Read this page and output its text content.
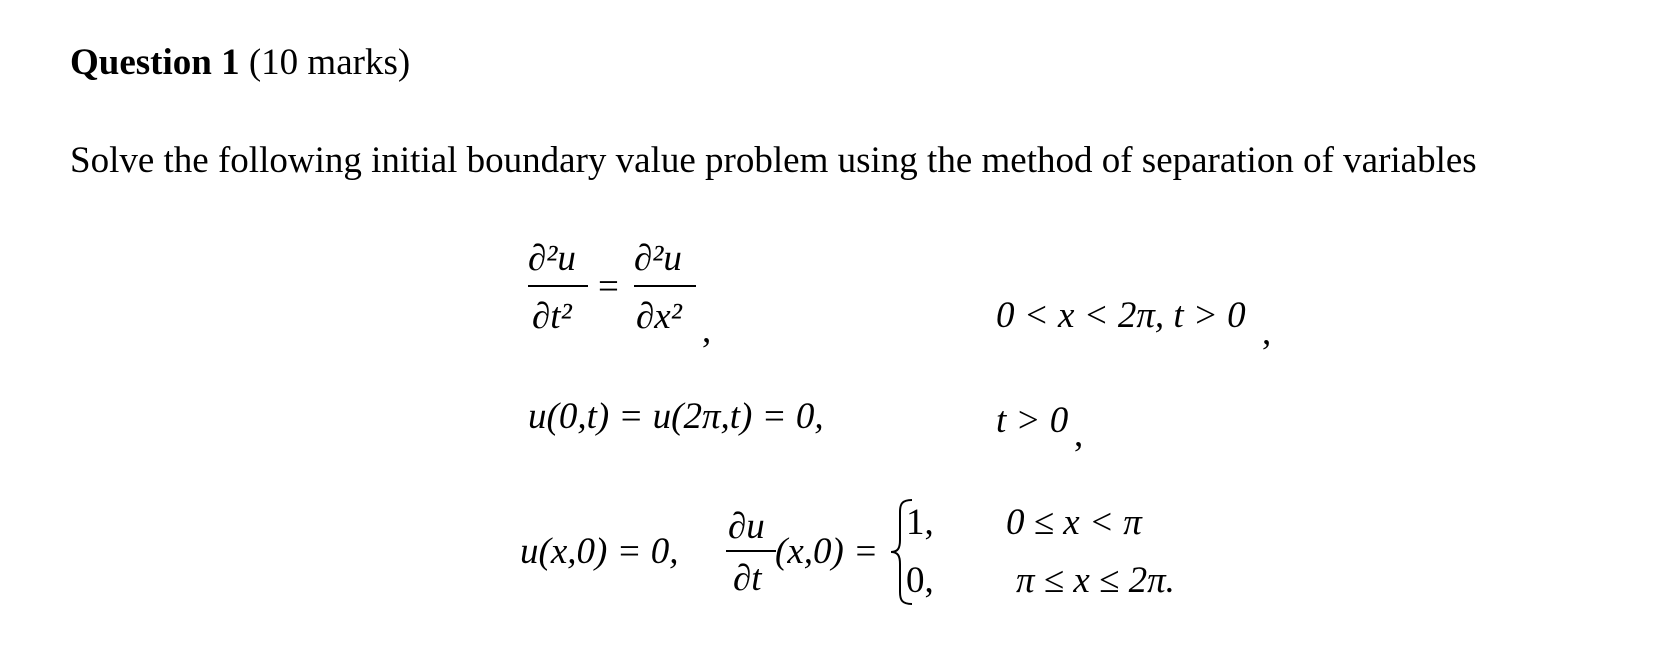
Question 1 (10 marks)
Solve the following initial boundary value problem using the method of separation of variables
∂²u
∂t²
=
∂²u
∂x² ,	0 < x < 2π, t > 0 ,
u(0,t) = u(2π,t) = 0,	t > 0 ,
u(x,0) = 0,
∂u
∂t
(x,0) =
1, 0 ≤ x < π
0, π ≤ x ≤ 2π.
